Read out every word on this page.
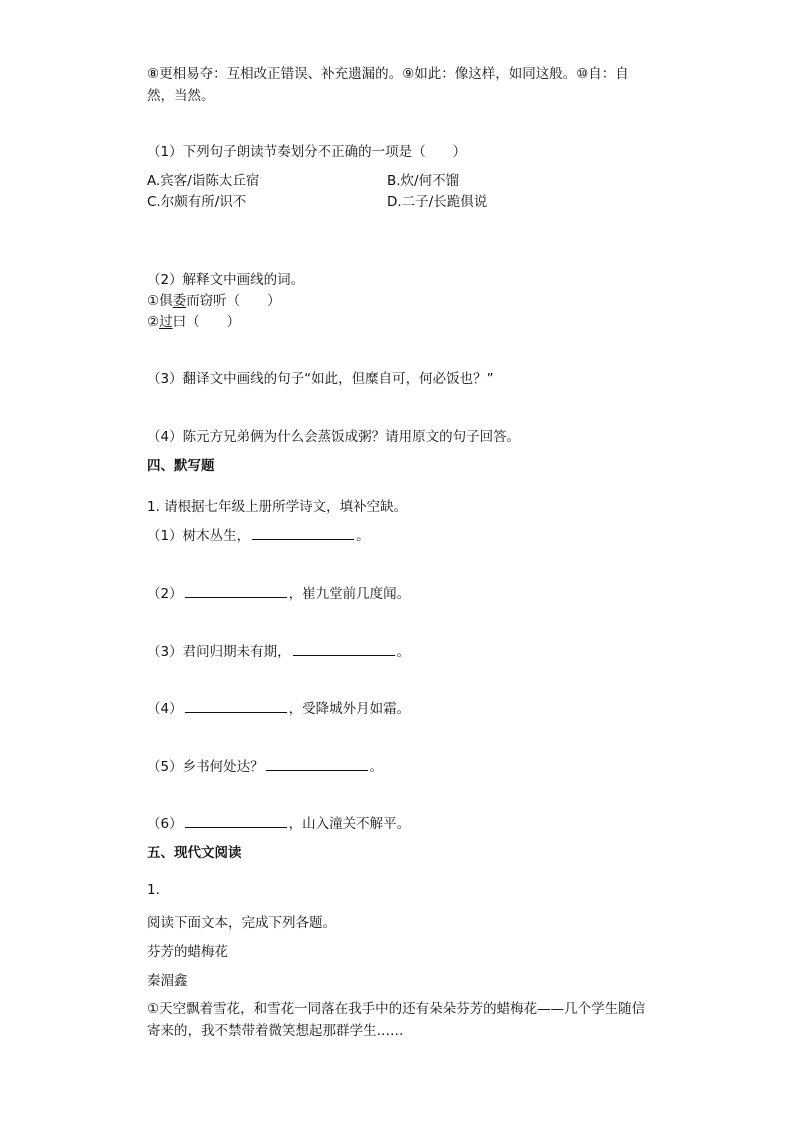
⑧更相易夺：互相改正错误、补充遗漏的。⑨如此：像这样，如同这般。⑩自：自
然，当然。
（1）下列句子朗读节奏划分不正确的一项是（　　）
A.宾客/诣陈太丘宿	B.炊/何不馏
C.尔颇有所/识不	D.二子/长跪俱说
（2）解释文中画线的词。
①俱委而窃听（　　）
②过曰（　　）
（3）翻译文中画线的句子“如此，但糜自可，何必饭也？”
（4）陈元方兄弟俩为什么会蒸饭成粥？请用原文的句子回答。
四、默写题
1. 请根据七年级上册所学诗文，填补空缺。
（1）树木丛生，	。
（2）	，崔九堂前几度闻。
（3）君问归期未有期，	。
（4）	，受降城外月如霜。
（5）乡书何处达？	。
（6）	，山入潼关不解平。
五、现代文阅读
1.
阅读下面文本，完成下列各题。
芬芳的蜡梅花
秦湄鑫
①天空飘着雪花，和雪花一同落在我手中的还有朵朵芬芳的蜡梅花——几个学生随信
寄来的，我不禁带着微笑想起那群学生……
